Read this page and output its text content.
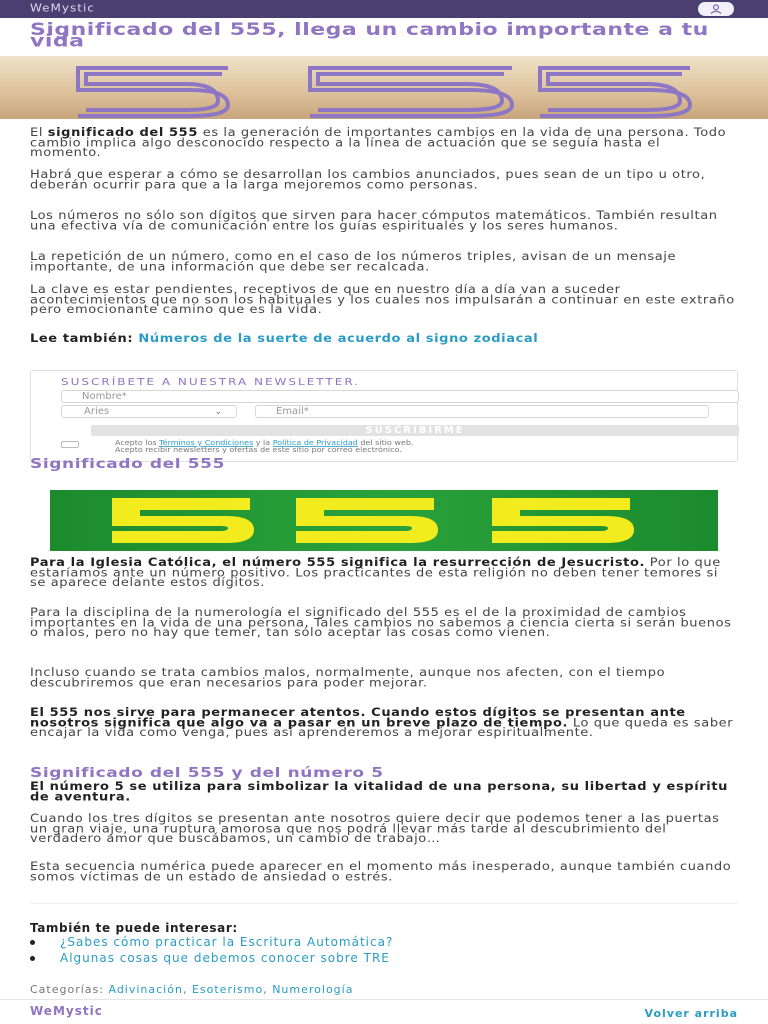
WeMystic
Significado del 555, llega un cambio importante a tu vida
El significado del 555 es la generación de importantes cambios en la vida de una persona. Todo cambio implica algo desconocido respecto a la línea de actuación que se seguía hasta el momento.
Habrá que esperar a cómo se desarrollan los cambios anunciados, pues sean de un tipo u otro, deberán ocurrir para que a la larga mejoremos como personas.
Los números no sólo son dígitos que sirven para hacer cómputos matemáticos. También resultan una efectiva vía de comunicación entre los guías espirituales y los seres humanos.
La repetición de un número, como en el caso de los números triples, avisan de un mensaje importante, de una información que debe ser recalcada.
La clave es estar pendientes, receptivos de que en nuestro día a día van a suceder acontecimientos que no son los habituales y los cuales nos impulsarán a continuar en este extraño pero emocionante camino que es la vida.
Lee también: Números de la suerte de acuerdo al signo zodiacal
SUSCRÍBETE A NUESTRA NEWSLETTER.
Nombre*
Aries	⌄	Email*
SUSCRIBIRME
Acepto los Términos y Condiciones y la Política de Privacidad del sitio web.
Acepto recibir newsletters y ofertas de este sitio por correo electrónico.
Significado del 555
Para la Iglesia Católica, el número 555 significa la resurrección de Jesucristo. Por lo que estaríamos ante un número positivo. Los practicantes de esta religión no deben tener temores si se aparece delante estos dígitos.
Para la disciplina de la numerología el significado del 555 es el de la proximidad de cambios importantes en la vida de una persona. Tales cambios no sabemos a ciencia cierta si serán buenos o malos, pero no hay que temer, tan sólo aceptar las cosas como vienen.
Incluso cuando se trata cambios malos, normalmente, aunque nos afecten, con el tiempo descubriremos que eran necesarios para poder mejorar.
El 555 nos sirve para permanecer atentos. Cuando estos dígitos se presentan ante nosotros significa que algo va a pasar en un breve plazo de tiempo. Lo que queda es saber encajar la vida como venga, pues así aprenderemos a mejorar espiritualmente.
Significado del 555 y del número 5
El número 5 se utiliza para simbolizar la vitalidad de una persona, su libertad y espíritu de aventura.
Cuando los tres dígitos se presentan ante nosotros quiere decir que podemos tener a las puertas un gran viaje, una ruptura amorosa que nos podrá llevar más tarde al descubrimiento del verdadero amor que buscábamos, un cambio de trabajo…
Esta secuencia numérica puede aparecer en el momento más inesperado, aunque también cuando somos víctimas de un estado de ansiedad o estrés.
También te puede interesar:
¿Sabes cómo practicar la Escritura Automática?
Algunas cosas que debemos conocer sobre TRE
Categorías: Adivinación, Esoterismo, Numerología
WeMystic	Volver arriba
